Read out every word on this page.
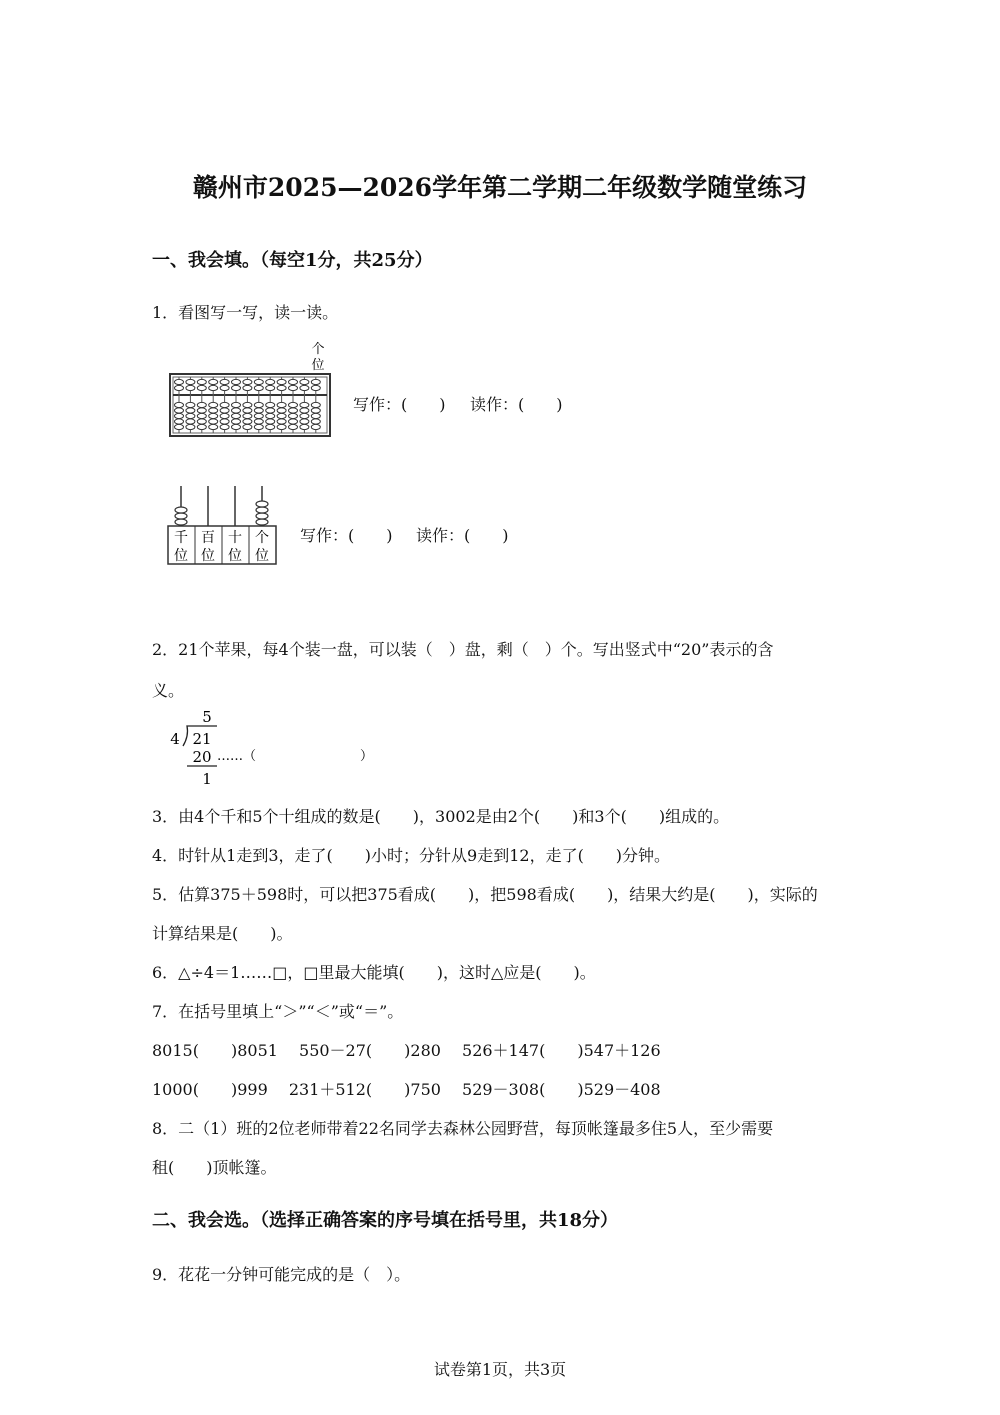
赣州市2025—2026学年第二学期二年级数学随堂练习
一、我会填。（每空1分，共25分）
1．看图写一写，读一读。
个
位
写作：(　　) 读作：(　　)
千 百 十 个
位 位 位 位
写作：(　　) 读作：(　　)
2．21个苹果，每4个装一盘，可以装（　）盘，剩（　）个。写出竖式中“20”表示的含
义。
5
4 21
20
1
……（　　　　　　　　）
3．由4个千和5个十组成的数是(　　)，3002是由2个(　　)和3个(　　)组成的。
4．时针从1走到3，走了(　　)小时；分针从9走到12，走了(　　)分钟。
5．估算375＋598时，可以把375看成(　　)，把598看成(　　)，结果大约是(　　)，实际的
计算结果是(　　)。
6．△÷4＝1……□，□里最大能填(　　)，这时△应是(　　)。
7．在括号里填上“＞”“＜”或“＝”。
8015(　　)8051　 550－27(　　)280　 526＋147(　　)547＋126
1000(　　)999　 231＋512(　　)750　 529－308(　　)529－408
8．二（1）班的2位老师带着22名同学去森林公园野营，每顶帐篷最多住5人，至少需要
租(　　)顶帐篷。
二、我会选。（选择正确答案的序号填在括号里，共18分）
9．花花一分钟可能完成的是（　）。
试卷第1页，共3页
